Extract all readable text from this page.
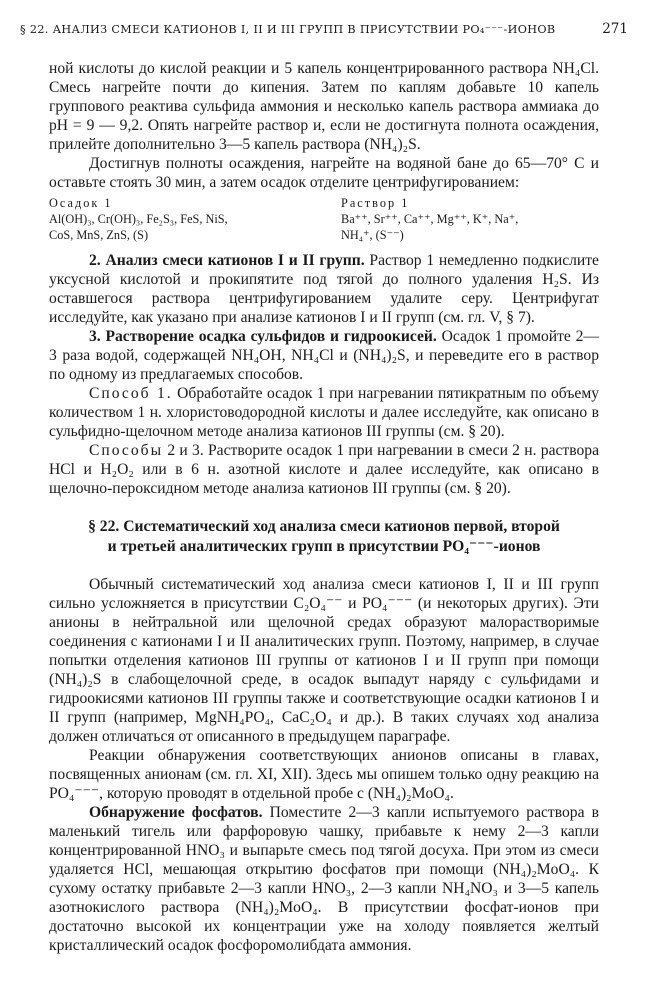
§ 22. АНАЛИЗ СМЕСИ КАТИОНОВ I, II И III ГРУПП В ПРИСУТСТВИИ PO₄⁻⁻⁻-ИОНОВ	271

ной кислоты до кислой реакции и 5 капель концентрированного раствора NH₄Cl. Смесь нагрейте почти до кипения. Затем по каплям добавьте 10 капель группового реактива сульфида аммония и несколько капель раствора аммиака до pH = 9 — 9,2. Опять нагрейте раствор и, если не достигнута полнота осаждения, прилейте дополнительно 3—5 капель раствора (NH₄)₂S.

Достигнув полноты осаждения, нагрейте на водяной бане до 65—70° С и оставьте стоять 30 мин, а затем осадок отделите центрифугированием:

Осадок 1
Al(OH)₃, Cr(OH)₃, Fe₂S₃, FeS, NiS,
CoS, MnS, ZnS, (S)
Раствор 1
Ba⁺⁺, Sr⁺⁺, Ca⁺⁺, Mg⁺⁺, K⁺, Na⁺,
NH₄⁺, (S⁻⁻)

2. Анализ смеси катионов I и II групп. Раствор 1 немедленно подкислите уксусной кислотой и прокипятите под тягой до полного удаления H₂S. Из оставшегося раствора центрифугированием удалите серу. Центрифугат исследуйте, как указано при анализе катионов I и II групп (см. гл. V, § 7).

3. Растворение осадка сульфидов и гидроокисей. Осадок 1 промойте 2—3 раза водой, содержащей NH₄OH, NH₄Cl и (NH₄)₂S, и переведите его в раствор по одному из предлагаемых способов.

Способ 1. Обработайте осадок 1 при нагревании пятикратным по объему количеством 1 н. хлористоводородной кислоты и далее исследуйте, как описано в сульфидно-щелочном методе анализа катионов III группы (см. § 20).

Способы 2 и 3. Растворите осадок 1 при нагревании в смеси 2 н. раствора HCl и H₂O₂ или в 6 н. азотной кислоте и далее исследуйте, как описано в щелочно-пероксидном методе анализа катионов III группы (см. § 20).

§ 22. Систематический ход анализа смеси катионов первой, второй
и третьей аналитических групп в присутствии PO₄⁻⁻⁻-ионов

Обычный систематический ход анализа смеси катионов I, II и III групп сильно усложняется в присутствии C₂O₄⁻⁻ и PO₄⁻⁻⁻ (и некоторых других). Эти анионы в нейтральной или щелочной средах образуют малорастворимые соединения с катионами I и II аналитических групп. Поэтому, например, в случае попытки отделения катионов III группы от катионов I и II групп при помощи (NH₄)₂S в слабощелочной среде, в осадок выпадут наряду с сульфидами и гидроокисями катионов III группы также и соответствующие осадки катионов I и II групп (например, MgNH₄PO₄, CaC₂O₄ и др.). В таких случаях ход анализа должен отличаться от описанного в предыдущем параграфе.

Реакции обнаружения соответствующих анионов описаны в главах, посвященных анионам (см. гл. XI, XII). Здесь мы опишем только одну реакцию на PO₄⁻⁻⁻, которую проводят в отдельной пробе с (NH₄)₂MoO₄.

Обнаружение фосфатов. Поместите 2—3 капли испытуемого раствора в маленький тигель или фарфоровую чашку, прибавьте к нему 2—3 капли концентрированной HNO₃ и выпарьте смесь под тягой досуха. При этом из смеси удаляется HCl, мешающая открытию фосфатов при помощи (NH₄)₂MoO₄. К сухому остатку прибавьте 2—3 капли HNO₃, 2—3 капли NH₄NO₃ и 3—5 капель азотнокислого раствора (NH₄)₂MoO₄. В присутствии фосфат-ионов при достаточно высокой их концентрации уже на холоду появляется желтый кристаллический осадок фосфоромолибдата аммония.
